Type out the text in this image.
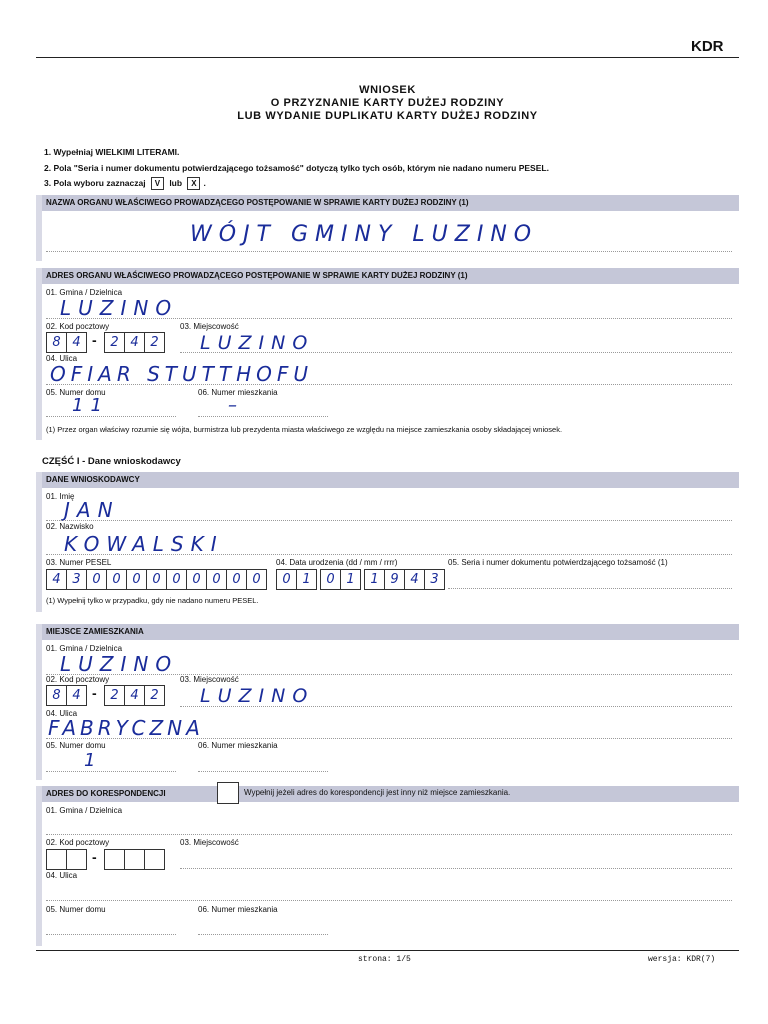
KDR
WNIOSEK
O PRZYZNANIE KARTY DUŻEJ RODZINY
LUB WYDANIE DUPLIKATU KARTY DUŻEJ RODZINY
1. Wypełniaj WIELKIMI LITERAMI.
2. Pola "Seria i numer dokumentu potwierdzającego tożsamość" dotyczą tylko tych osób, którym nie nadano numeru PESEL.
3. Pola wyboru zaznaczaj V lub X .
NAZWA ORGANU WŁAŚCIWEGO PROWADZĄCEGO POSTĘPOWANIE W SPRAWIE KARTY DUŻEJ RODZINY (1)
WÓJT GMINY LUZINO
ADRES ORGANU WŁAŚCIWEGO PROWADZĄCEGO POSTĘPOWANIE W SPRAWIE KARTY DUŻEJ RODZINY (1)
01. Gmina / Dzielnica
LUZINO
02. Kod pocztowy
8 4 -	2 4 2
03. Miejscowość
LUZINO
04. Ulica
OFIAR STUTTHOFU
05. Numer domu
11
06. Numer mieszkania
–
(1) Przez organ właściwy rozumie się wójta, burmistrza lub prezydenta miasta właściwego ze względu na miejsce zamieszkania osoby składającej wniosek.
CZĘŚĆ I - Dane wnioskodawcy
DANE WNIOSKODAWCY
01. Imię
JAN
02. Nazwisko
KOWALSKI
03. Numer PESEL
4 3 0 0 0 0 0 0 0 0 0
04. Data urodzenia (dd / mm / rrrr)
0 1	0 1	1 9 4 3
05. Seria i numer dokumentu potwierdzającego tożsamość (1)
(1) Wypełnij tylko w przypadku, gdy nie nadano numeru PESEL.
MIEJSCE ZAMIESZKANIA
01. Gmina / Dzielnica
LUZINO
02. Kod pocztowy
8 4 -	2 4 2
03. Miejscowość
LUZINO
04. Ulica
FABRYCZNA
05. Numer domu
1
06. Numer mieszkania
ADRES DO KORESPONDENCJI	Wypełnij jeżeli adres do korespondencji jest inny niż miejsce zamieszkania.
01. Gmina / Dzielnica
02. Kod pocztowy
-
03. Miejscowość
04. Ulica
05. Numer domu	06. Numer mieszkania
strona: 1/5	wersja: KDR(7)
